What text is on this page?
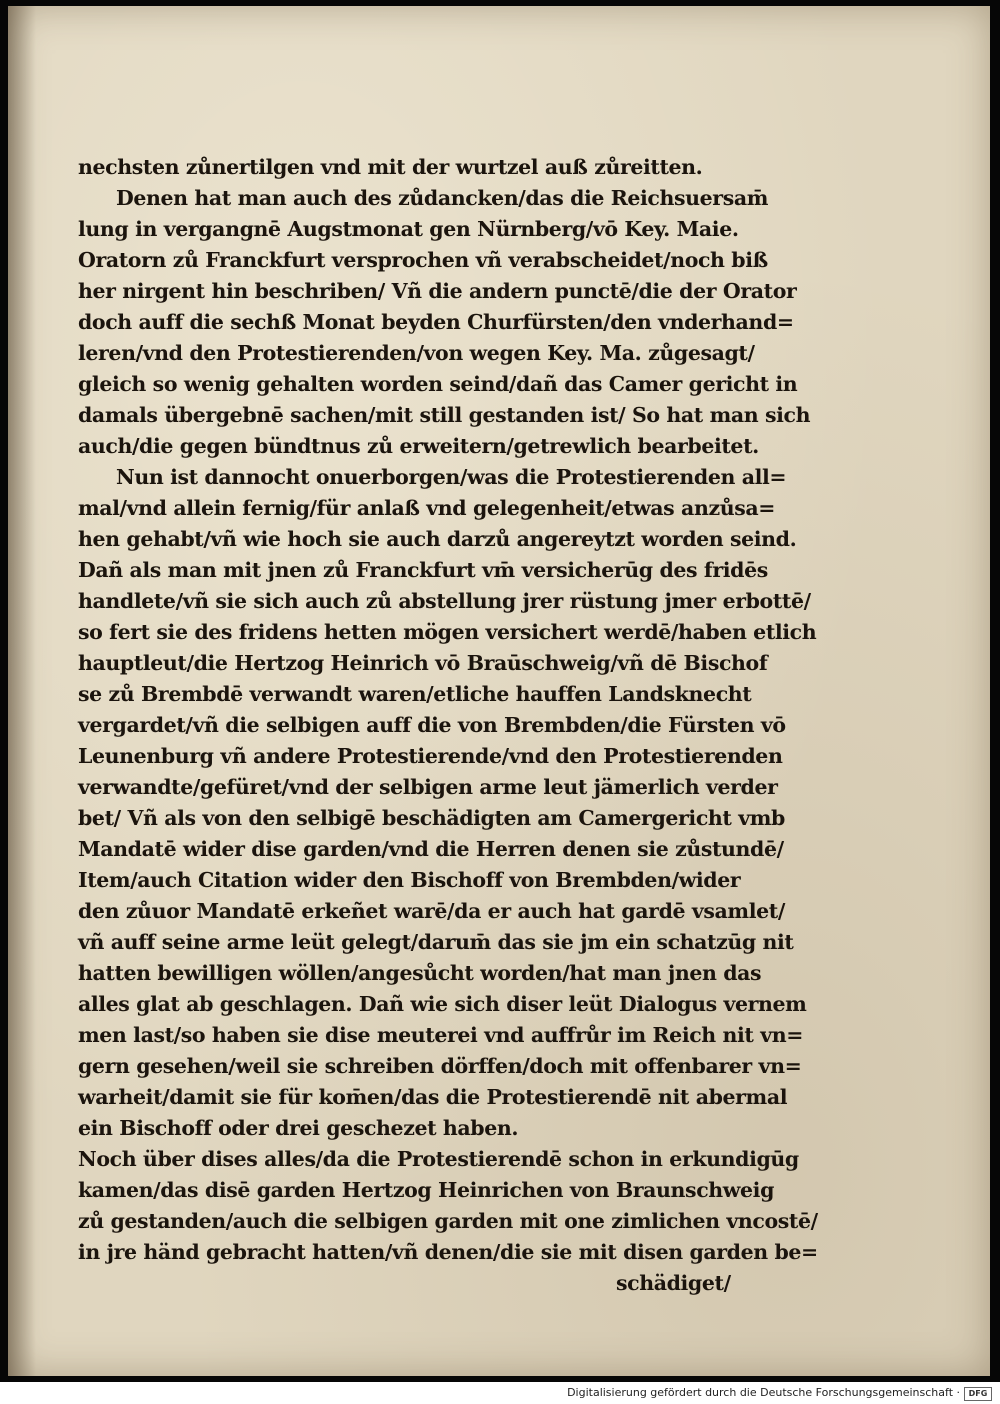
nechsten zůnertilgen vnd mit der wurtzel auß zůreitten.
Denen hat man auch des zůdancken/das die Reichsuersam̄
lung in vergangnē Augstmonat gen Nürnberg/vō Key. Maie.
Oratorn zů Franckfurt versprochen vñ verabscheidet/noch biß
her nirgent hin beschriben/ Vñ die andern punctē/die der Orator
doch auff die sechß Monat beyden Churfürsten/den vnderhand=
leren/vnd den Protestierenden/von wegen Key. Ma. zůgesagt/
gleich so wenig gehalten worden seind/dañ das Camer gericht in
damals übergebnē sachen/mit still gestanden ist/ So hat man sich
auch/die gegen bündtnus zů erweitern/getrewlich bearbeitet.
Nun ist dannocht onuerborgen/was die Protestierenden all=
mal/vnd allein fernig/für anlaß vnd gelegenheit/etwas anzůsa=
hen gehabt/vñ wie hoch sie auch darzů angereytzt worden seind.
Dañ als man mit jnen zů Franckfurt vm̄ versicherūg des fridēs
handlete/vñ sie sich auch zů abstellung jrer rüstung jmer erbottē/
so fert sie des fridens hetten mögen versichert werdē/haben etlich
hauptleut/die Hertzog Heinrich vō Braūschweig/vñ dē Bischof
se zů Brembdē verwandt waren/etliche hauffen Landsknecht
vergardet/vñ die selbigen auff die von Brembden/die Fürsten vō
Leunenburg vñ andere Protestierende/vnd den Protestierenden
verwandte/gefüret/vnd der selbigen arme leut jämerlich verder
bet/ Vñ als von den selbigē beschädigten am Camergericht vmb
Mandatē wider dise garden/vnd die Herren denen sie zůstundē/
Item/auch Citation wider den Bischoff von Brembden/wider
den zůuor Mandatē erkeñet warē/da er auch hat gardē vsamlet/
vñ auff seine arme leüt gelegt/darum̄ das sie jm ein schatzūg nit
hatten bewilligen wöllen/angesůcht worden/hat man jnen das
alles glat ab geschlagen. Dañ wie sich diser leüt Dialogus vernem
men last/so haben sie dise meuterei vnd auffrůr im Reich nit vn=
gern gesehen/weil sie schreiben dörffen/doch mit offenbarer vn=
warheit/damit sie für kom̄en/das die Protestierendē nit abermal
ein Bischoff oder drei geschezet haben.
Noch über dises alles/da die Protestierendē schon in erkundigūg
kamen/das disē garden Hertzog Heinrichen von Braunschweig
zů gestanden/auch die selbigen garden mit one zimlichen vncostē/
in jre händ gebracht hatten/vñ denen/die sie mit disen garden be=
schädiget/
Digitalisierung gefördert durch die Deutsche Forschungsgemeinschaft ·	DFG
